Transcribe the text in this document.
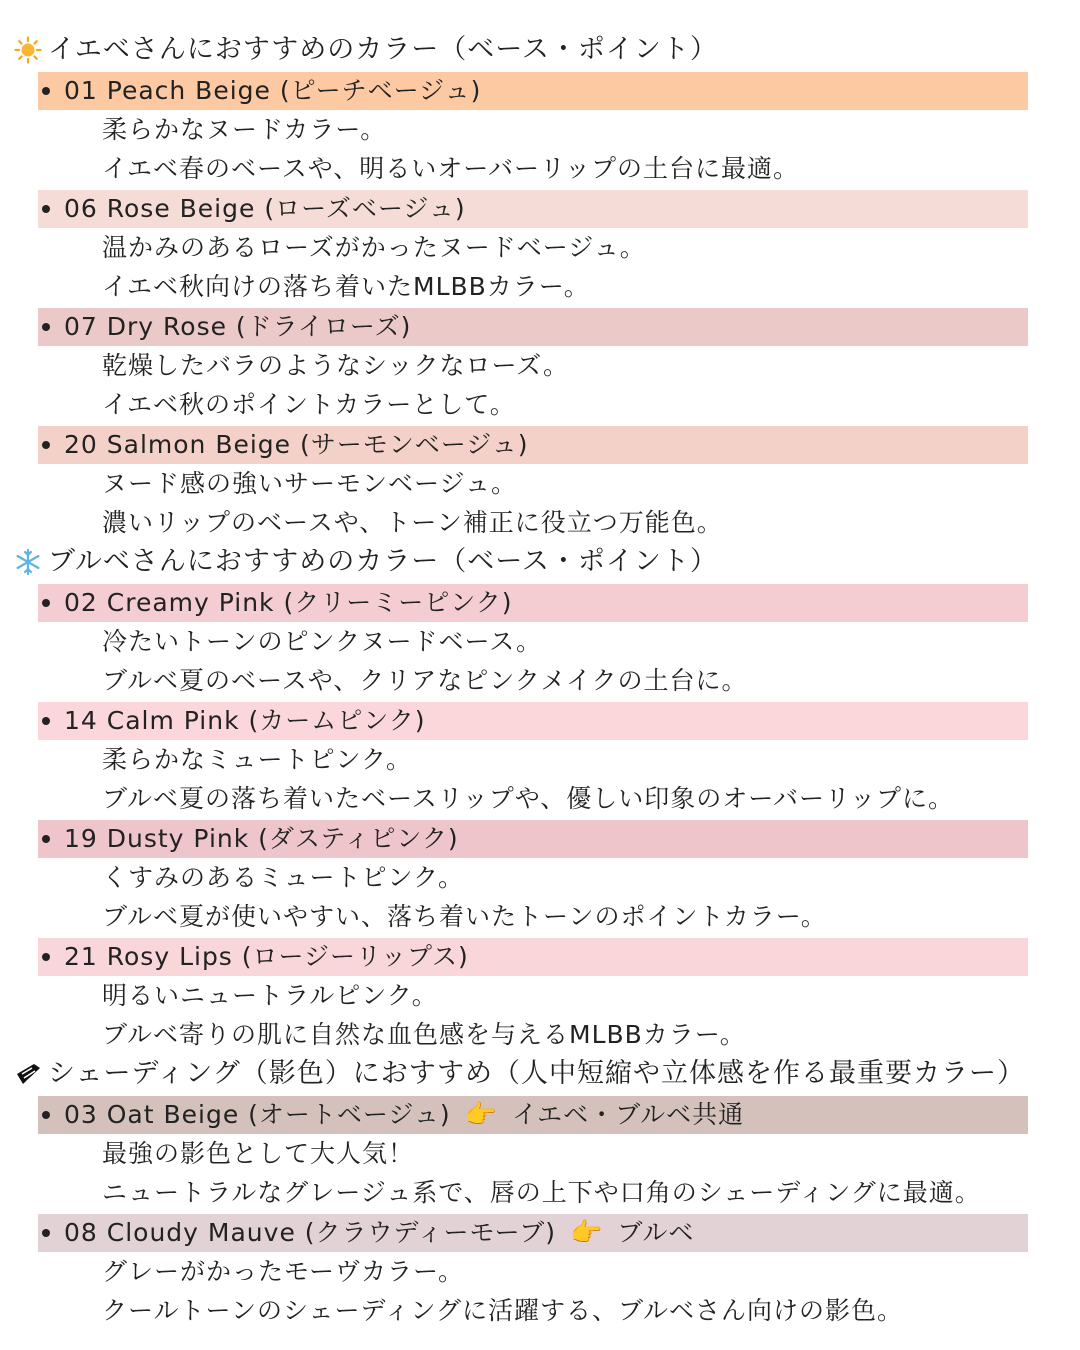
イエベさんにおすすめのカラー（ベース・ポイント）
01 Peach Beige (ピーチベージュ)
柔らかなヌードカラー。
イエベ春のベースや、明るいオーバーリップの土台に最適。
06 Rose Beige (ローズベージュ)
温かみのあるローズがかったヌードベージュ。
イエベ秋向けの落ち着いたMLBBカラー。
07 Dry Rose (ドライローズ)
乾燥したバラのようなシックなローズ。
イエベ秋のポイントカラーとして。
20 Salmon Beige (サーモンベージュ)
ヌード感の強いサーモンベージュ。
濃いリップのベースや、トーン補正に役立つ万能色。
ブルベさんにおすすめのカラー（ベース・ポイント）
02 Creamy Pink (クリーミーピンク)
冷たいトーンのピンクヌードベース。
ブルベ夏のベースや、クリアなピンクメイクの土台に。
14 Calm Pink (カームピンク)
柔らかなミュートピンク。
ブルベ夏の落ち着いたベースリップや、優しい印象のオーバーリップに。
19 Dusty Pink (ダスティピンク)
くすみのあるミュートピンク。
ブルベ夏が使いやすい、落ち着いたトーンのポイントカラー。
21 Rosy Lips (ロージーリップス)
明るいニュートラルピンク。
ブルベ寄りの肌に自然な血色感を与えるMLBBカラー。
シェーディング（影色）におすすめ（人中短縮や立体感を作る最重要カラー）
03 Oat Beige (オートベージュ) 👉 イエベ・ブルベ共通
最強の影色として大人気！
ニュートラルなグレージュ系で、唇の上下や口角のシェーディングに最適。
08 Cloudy Mauve (クラウディーモーブ) 👉 ブルベ
グレーがかったモーヴカラー。
クールトーンのシェーディングに活躍する、ブルベさん向けの影色。
